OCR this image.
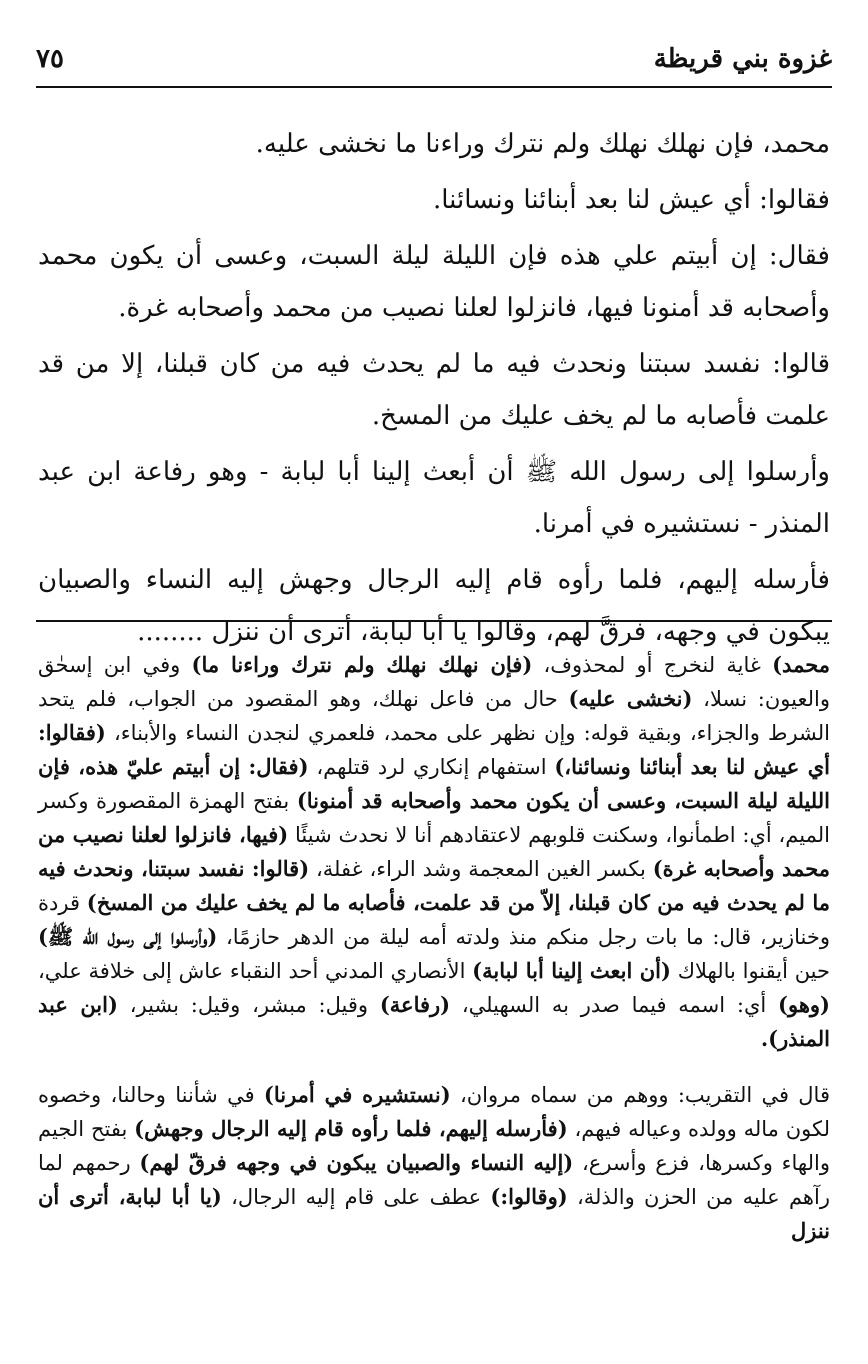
غزوة بني قريظة
٧٥

محمد، فإن نهلك نهلك ولم نترك وراءنا ما نخشى عليه.

فقالوا: أي عيش لنا بعد أبنائنا ونسائنا.

فقال: إن أبيتم علي هذه فإن الليلة ليلة السبت، وعسى أن يكون محمد وأصحابه قد أمنونا فيها، فانزلوا لعلنا نصيب من محمد وأصحابه غرة.

قالوا: نفسد سبتنا ونحدث فيه ما لم يحدث فيه من كان قبلنا، إلا من قد علمت فأصابه ما لم يخف عليك من المسخ.

وأرسلوا إلى رسول الله ﷺ أن أبعث إلينا أبا لبابة - وهو رفاعة ابن عبد المنذر - نستشيره في أمرنا.

فأرسله إليهم، فلما رأوه قام إليه الرجال وجهش إليه النساء والصبيان يبكون في وجهه، فرقَّ لهم، وقالوا يا أبا لبابة، أترى أن ننزل ........

محمد) غاية لنخرج أو لمحذوف، (فإن نهلك نهلك ولم نترك وراءنا ما) وفي ابن إسحٰق والعيون: نسلا، (نخشى عليه) حال من فاعل نهلك، وهو المقصود من الجواب، فلم يتحد الشرط والجزاء، وبقية قوله: وإن نظهر على محمد، فلعمري لنجدن النساء والأبناء، (فقالوا: أي عيش لنا بعد أبنائنا ونسائنا،) استفهام إنكاري لرد قتلهم، (فقال: إن أبيتم عليّ هذه، فإن الليلة ليلة السبت، وعسى أن يكون محمد وأصحابه قد أمنونا) بفتح الهمزة المقصورة وكسر الميم، أي: اطمأنوا، وسكنت قلوبهم لاعتقادهم أنا لا نحدث شيئًا (فيها، فانزلوا لعلنا نصيب من محمد وأصحابه غرة) بكسر الغين المعجمة وشد الراء، غفلة، (قالوا: نفسد سبتنا، ونحدث فيه ما لم يحدث فيه من كان قبلنا، إلاّ من قد علمت، فأصابه ما لم يخف عليك من المسخ) قردة وخنازير، قال: ما بات رجل منكم منذ ولدته أمه ليلة من الدهر حازمًا، (وأرسلوا إلى رسول الله ﷺ) حين أيقنوا بالهلاك (أن ابعث إلينا أبا لبابة) الأنصاري المدني أحد النقباء عاش إلى خلافة علي، (وهو) أي: اسمه فيما صدر به السهيلي، (رفاعة) وقيل: مبشر، وقيل: بشير، (ابن عبد المنذر).

قال في التقريب: ووهم من سماه مروان، (نستشيره في أمرنا) في شأننا وحالنا، وخصوه لكون ماله وولده وعياله فيهم، (فأرسله إليهم، فلما رأوه قام إليه الرجال وجهش) بفتح الجيم والهاء وكسرها، فزع وأسرع، (إليه النساء والصبيان يبكون في وجهه فرقّ لهم) رحمهم لما رآهم عليه من الحزن والذلة، (وقالوا:) عطف على قام إليه الرجال، (يا أبا لبابة، أترى أن ننزل
